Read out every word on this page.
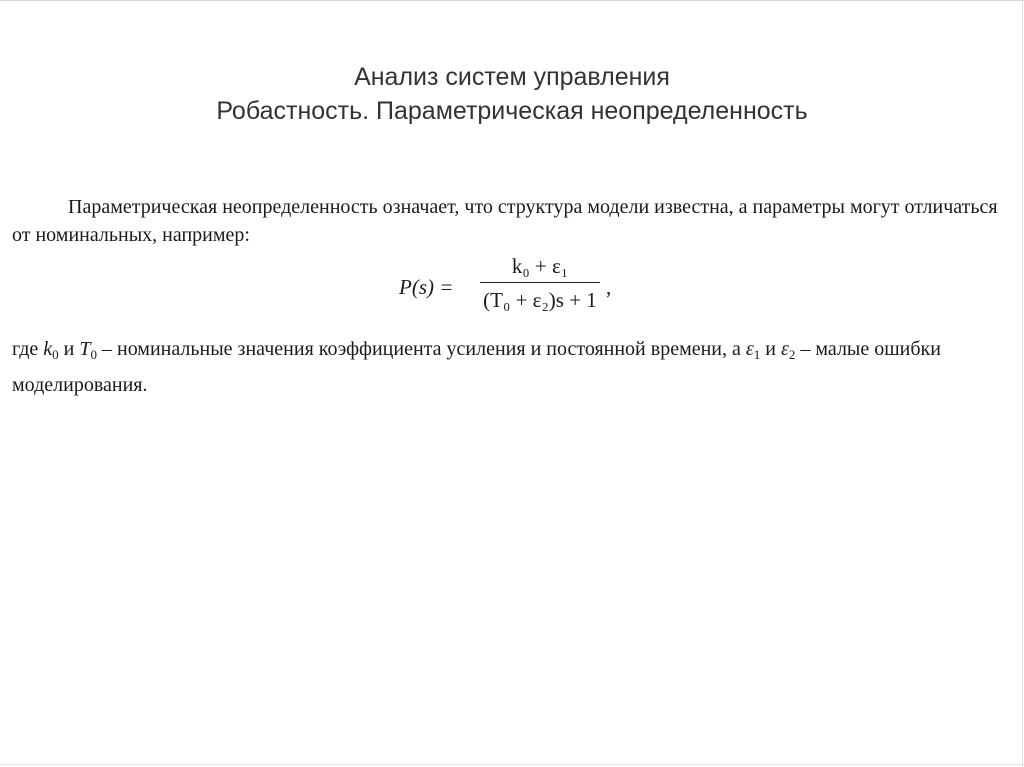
Анализ систем управления
Робастность. Параметрическая неопределенность

Параметрическая неопределенность означает, что структура модели известна, а параметры могут отличаться от номинальных, например:

P(s) =
k₀ + ε₁
(T₀ + ε₂)s + 1
,

где $k_0$ и $T_0$ – номинальные значения коэффициента усиления и постоянной времени, а $\varepsilon_1$ и $\varepsilon_2$ – малые ошибки моделирования.
